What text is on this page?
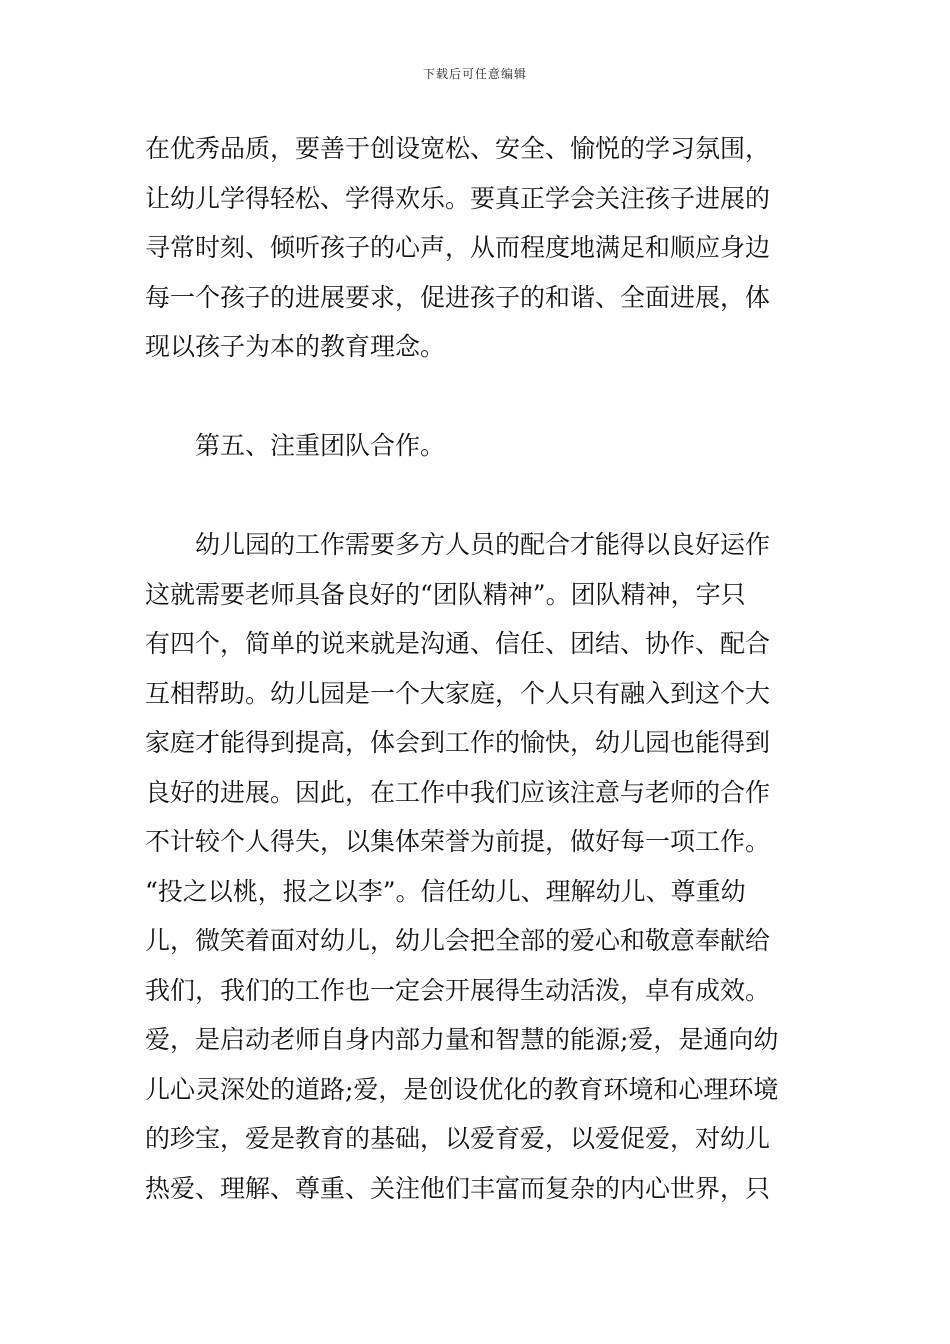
下载后可任意编辑
在优秀品质，要善于创设宽松、安全、愉悦的学习氛围，
让幼儿学得轻松、学得欢乐。要真正学会关注孩子进展的
寻常时刻、倾听孩子的心声，从而程度地满足和顺应身边
每一个孩子的进展要求，促进孩子的和谐、全面进展，体
现以孩子为本的教育理念。
第五、注重团队合作。
幼儿园的工作需要多方人员的配合才能得以良好运作
这就需要老师具备良好的“团队精神”。团队精神，字只
有四个，简单的说来就是沟通、信任、团结、协作、配合
互相帮助。幼儿园是一个大家庭，个人只有融入到这个大
家庭才能得到提高，体会到工作的愉快，幼儿园也能得到
良好的进展。因此，在工作中我们应该注意与老师的合作
不计较个人得失，以集体荣誉为前提，做好每一项工作。
“投之以桃，报之以李”。信任幼儿、理解幼儿、尊重幼
儿，微笑着面对幼儿，幼儿会把全部的爱心和敬意奉献给
我们，我们的工作也一定会开展得生动活泼，卓有成效。
爱，是启动老师自身内部力量和智慧的能源;爱，是通向幼
儿心灵深处的道路;爱，是创设优化的教育环境和心理环境
的珍宝，爱是教育的基础，以爱育爱，以爱促爱，对幼儿
热爱、理解、尊重、关注他们丰富而复杂的内心世界，只
